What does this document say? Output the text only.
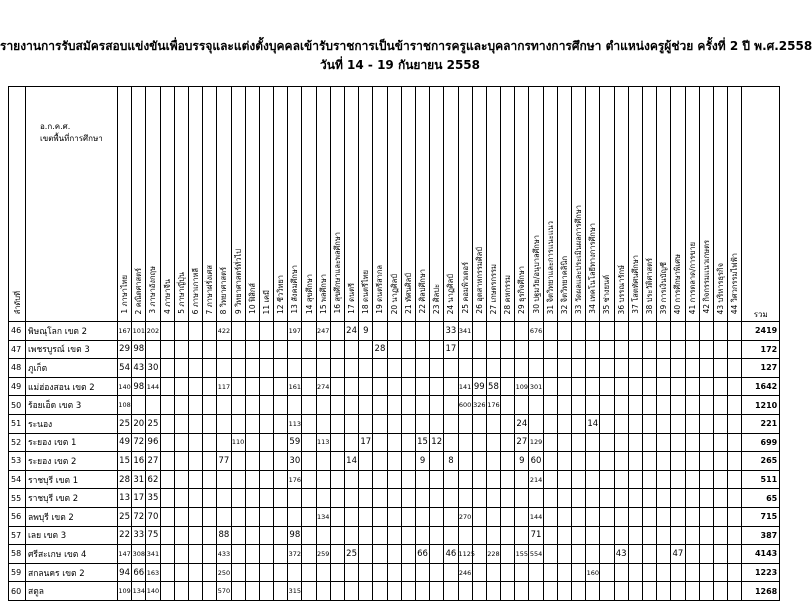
รายงานการรับสมัครสอบแข่งขันเพื่อบรรจุและแต่งตั้งบุคคลเข้ารับราชการเป็นข้าราชการครูและบุคลากรทางการศึกษา ตำแหน่งครูผู้ช่วย ครั้งที่ 2 ปี พ.ศ.2558
วันที่ 14 - 19 กันยายน 2558
ลำดับที่	อ.ก.ค.ศ.
เขตพื้นที่การศึกษา	1 ภาษาไทย	2 คณิตศาสตร์	3 ภาษาอังกฤษ	4 ภาษาจีน	5 ภาษาญี่ปุ่น	6 ภาษาเกาหลี	7 ภาษาฝรั่งเศส	8 วิทยาศาสตร์	9 วิทยาศาสตร์ทั่วไป	10 ฟิสิกส์	11 เคมี	12 ชีววิทยา	13 สังคมศึกษา	14 สุขศึกษา	15 พลศึกษา	16 สุขศึกษาและพลศึกษา	17 ดนตรี	18 ดนตรีไทย	19 ดนตรีสากล	20 นาฏศิลป์	21 ทัศนศิลป์	22 ศิลปศึกษา	23 ศิลปะ	24 นาฏศิลป์	25 คอมพิวเตอร์	26 อุตสาหกรรมศิลป์	27 เกษตรกรรม	28 คหกรรม	29 ธุรกิจศึกษา	30 ปฐมวัย/อนุบาลศึกษา	31 จิตวิทยาและการแนะแนว	32 จิตวิทยาคลินิก	33 วัดผลและประเมินผลการศึกษา	34 เทคโนโลยีทางการศึกษา	35 ช่างยนต์	36 บรรณารักษ์	37 โสตทัศนศึกษา	38 ประวัติศาสตร์	39 การเงินบัญชี	40 การศึกษาพิเศษ	41 การตลาด/การขาย	42 กิจกรรมแนวเกษตร	43 บริหารธุรกิจ	44 วิศวกรรมไฟฟ้า	รวม
46	พิษณุโลก เขต 2	167	101	202					422					197		247		24	9						33	341					676															2419
47	เพชรบูรณ์ เขต 3	29	98																	28					17																					172
48	ภูเก็ต	54	43	30																																										127
49	แม่ฮ่องสอน เขต 2	140	98	144					117					161		274										141	99	58		109	301															1642
50	ร้อยเอ็ด เขต 3	108																								600	326	176																		1210
51	ระนอง	25	20	25										113																24					14											221
52	ระยอง เขต 1	49	72	96						110				59		113			17				15	12						27	129															699
53	ระยอง เขต 2	15	16	27					77					30				14					9		8					9	60															265
54	ราชบุรี เขต 1	28	31	62										176																	214															511
55	ราชบุรี เขต 2	13	17	35																																										65
56	ลพบุรี เขต 2	25	72	70												134										270					144															715
57	เลย เขต 3	22	33	75					88					98																	71															387
58	ศรีสะเกษ เขต 4	147	308	341					433					372		259		25					66		46	1125		228		155	554						43				47					4143
59	สกลนคร เขต 2	94	66	163					250																	246									160											1223
60	สตูล	109	134	140					570					315																																1268
